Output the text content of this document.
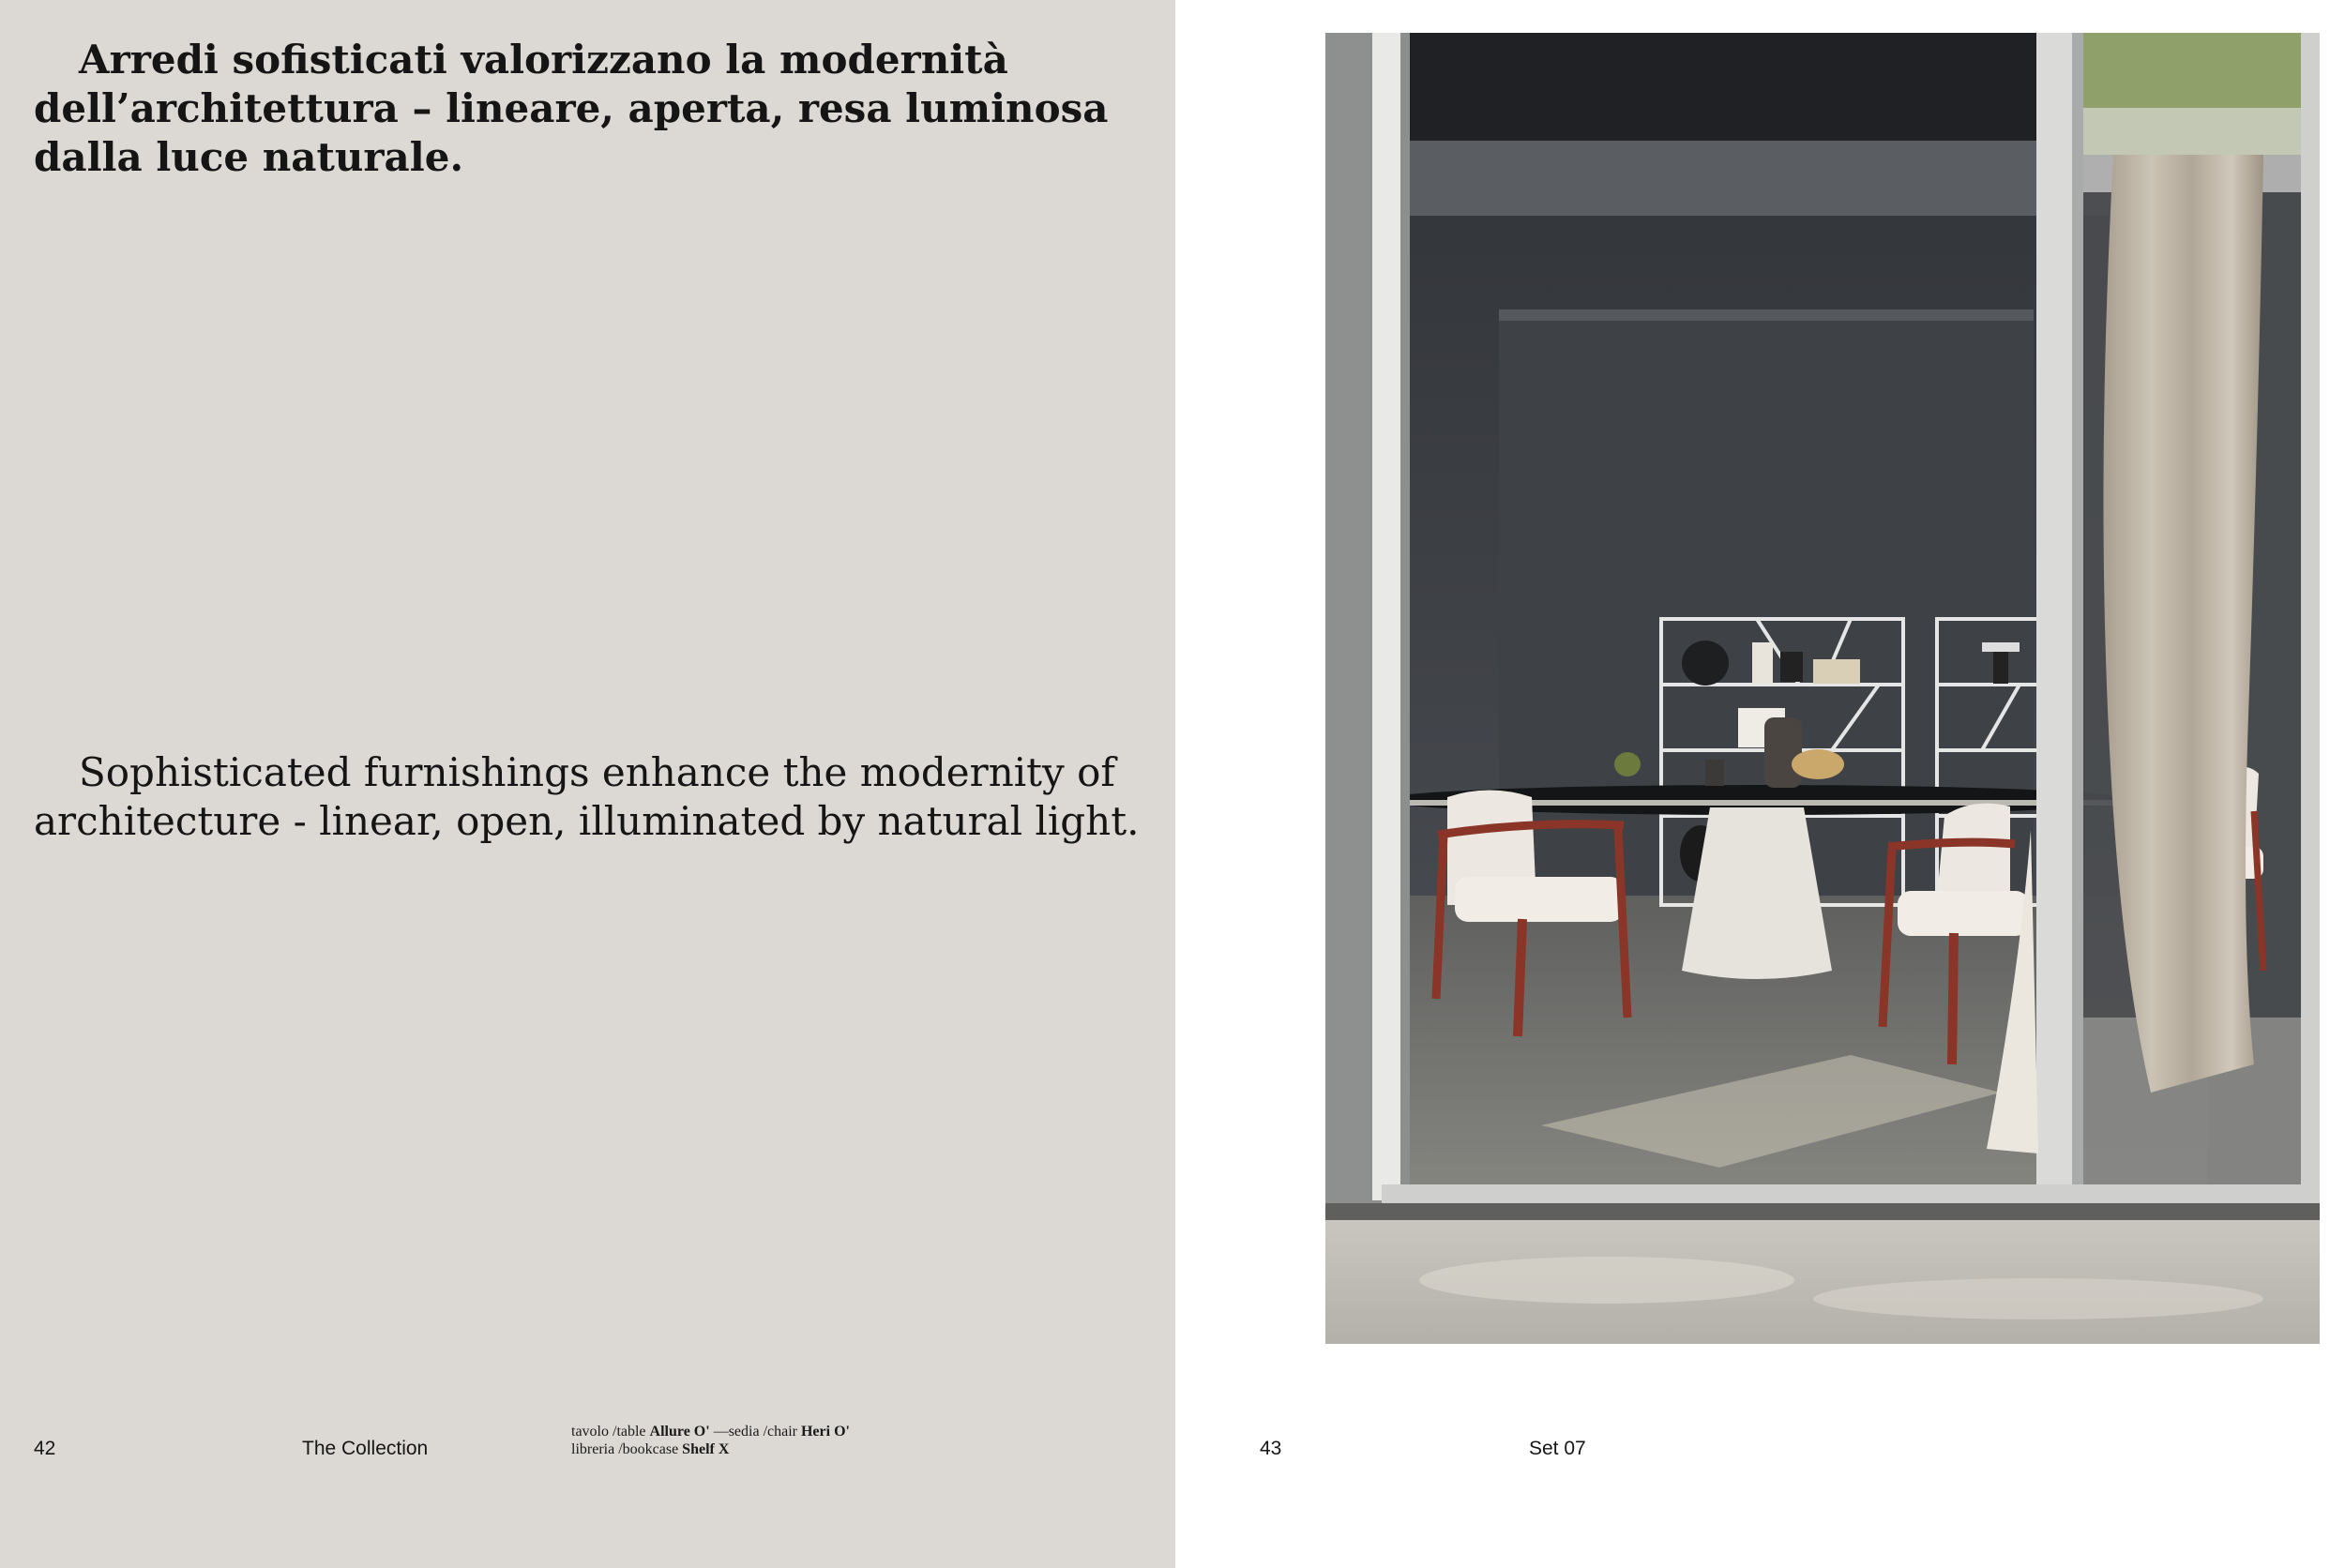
Arredi sofisticati valorizzano la modernità dell’architettura – lineare, aperta, resa luminosa dalla luce naturale.

Sophisticated furnishings enhance the modernity of architecture - linear, open, illuminated by natural light.

42	The Collection
tavolo /table Allure O' —sedia /chair Heri O'
libreria /bookcase Shelf X	43	Set 07
